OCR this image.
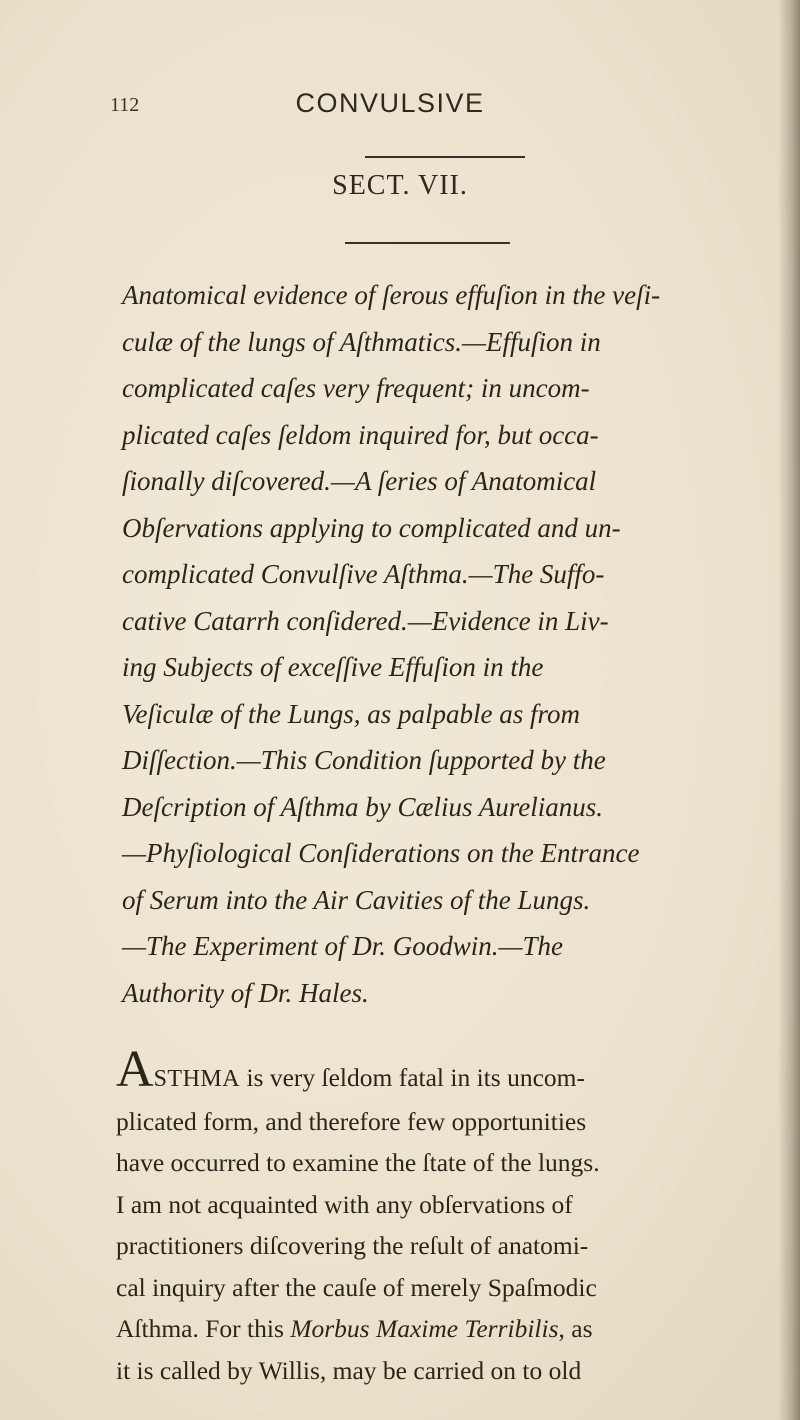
112	CONVULSIVE
SECT. VII.
Anatomical evidence of ſerous effuſion in the veſi-
culæ of the lungs of Aſthmatics.—Effuſion in
complicated caſes very frequent; in uncom-
plicated caſes ſeldom inquired for, but occa-
ſionally diſcovered.—A ſeries of Anatomical
Obſervations applying to complicated and un-
complicated Convulſive Aſthma.—The Suffo-
cative Catarrh conſidered.—Evidence in Liv-
ing Subjects of exceſſive Effuſion in the
Veſiculæ of the Lungs, as palpable as from
Diſſection.—This Condition ſupported by the
Deſcription of Aſthma by Cælius Aurelianus.
—Phyſiological Conſiderations on the Entrance
of Serum into the Air Cavities of the Lungs.
—The Experiment of Dr. Goodwin.—The
Authority of Dr. Hales.
ASTHMA is very ſeldom fatal in its uncom-
plicated form, and therefore few opportunities
have occurred to examine the ſtate of the lungs.
I am not acquainted with any obſervations of
practitioners diſcovering the reſult of anatomi-
cal inquiry after the cauſe of merely Spaſmodic
Aſthma. For this Morbus Maxime Terribilis, as
it is called by Willis, may be carried on to old
